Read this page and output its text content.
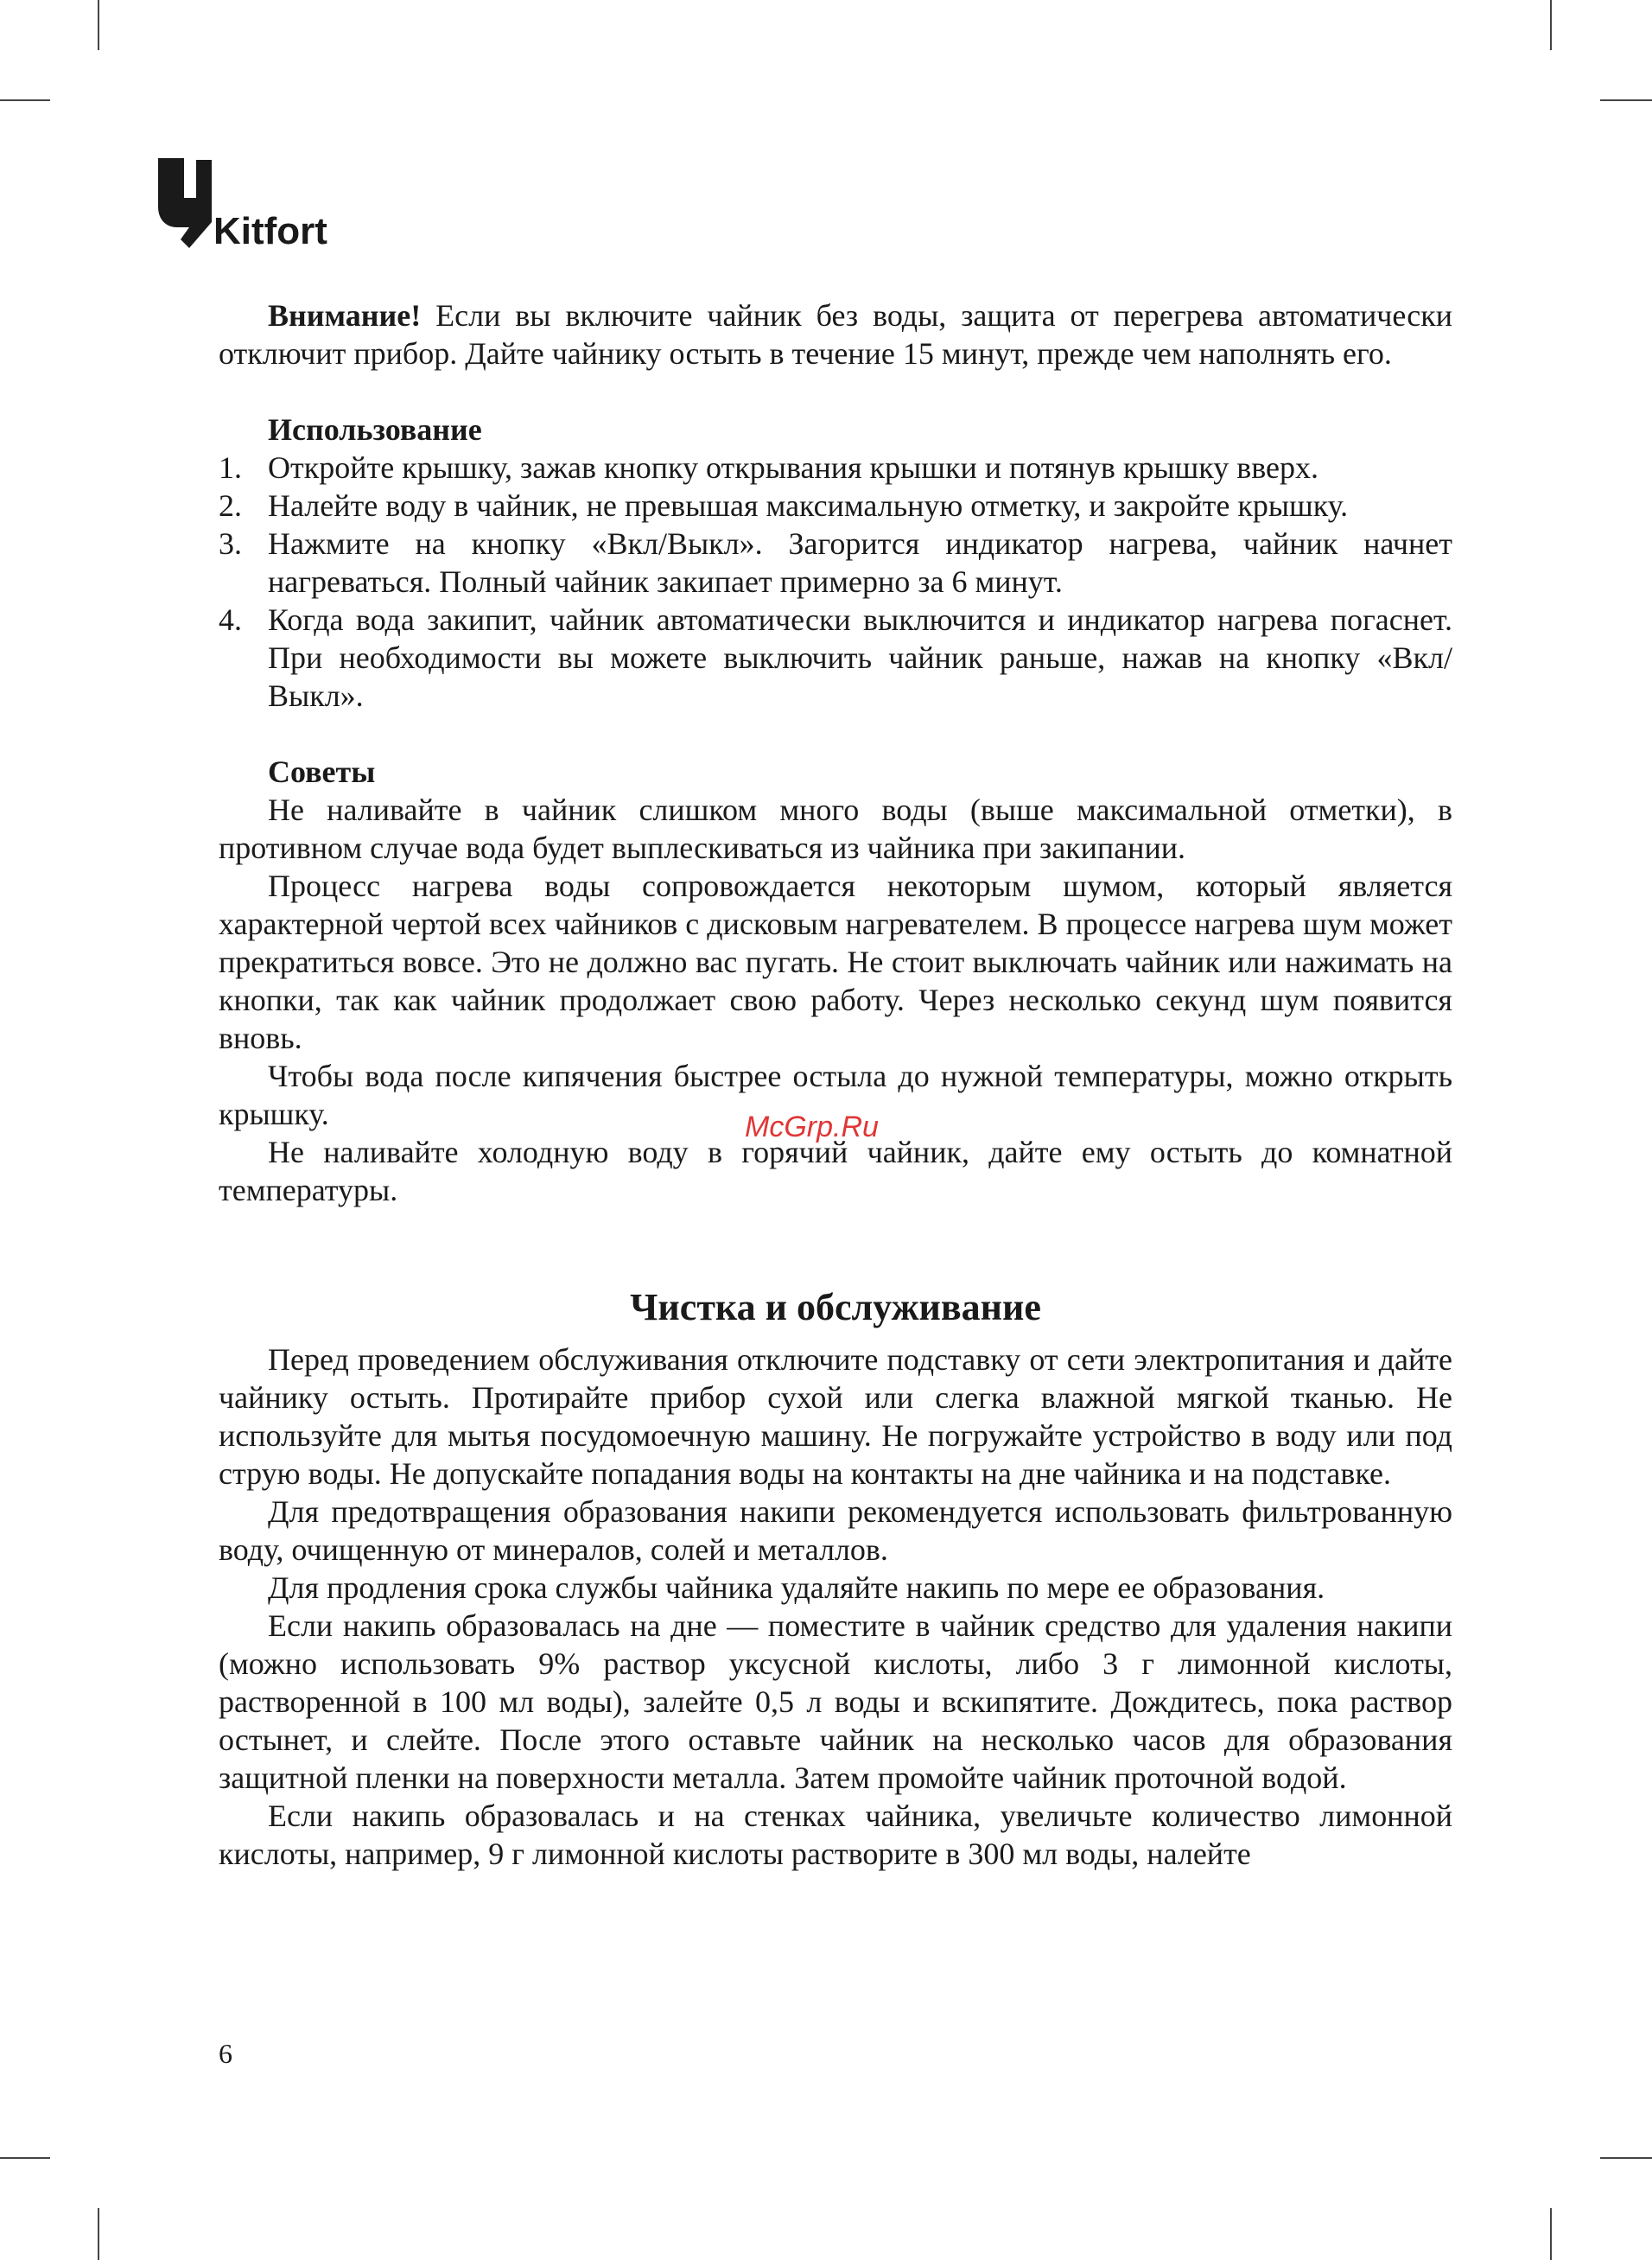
Kitfort

Внимание! Если вы включите чайник без воды, защита от перегрева автоматически отключит прибор. Дайте чайнику остыть в течение 15 минут, прежде чем наполнять его.

Использование

1. Откройте крышку, зажав кнопку открывания крышки и потянув крышку вверх.
2. Налейте воду в чайник, не превышая максимальную отметку, и закройте крышку.
3. Нажмите на кнопку «Вкл/Выкл». Загорится индикатор нагрева, чайник начнет нагреваться. Полный чайник закипает примерно за 6 минут.
4. Когда вода закипит, чайник автоматически выключится и индикатор нагрева погаснет. При необходимости вы можете выключить чайник раньше, нажав на кнопку «Вкл/Выкл».

Советы

Не наливайте в чайник слишком много воды (выше максимальной отметки), в противном случае вода будет выплескиваться из чайника при закипании.

Процесс нагрева воды сопровождается некоторым шумом, который является характерной чертой всех чайников с дисковым нагревателем. В процессе нагрева шум может прекратиться вовсе. Это не должно вас пугать. Не стоит выключать чайник или нажимать на кнопки, так как чайник продолжает свою работу. Через несколько секунд шум появится вновь.

Чтобы вода после кипячения быстрее остыла до нужной температуры, можно открыть крышку.

Не наливайте холодную воду в горячий чайник, дайте ему остыть до комнатной температуры.

Чистка и обслуживание

Перед проведением обслуживания отключите подставку от сети электропитания и дайте чайнику остыть. Протирайте прибор сухой или слегка влажной мягкой тканью. Не используйте для мытья посудомоечную машину. Не погружайте устройство в воду или под струю воды. Не допускайте попадания воды на контакты на дне чайника и на подставке.

Для предотвращения образования накипи рекомендуется использовать фильтрованную воду, очищенную от минералов, солей и металлов.

Для продления срока службы чайника удаляйте накипь по мере ее образования.

Если накипь образовалась на дне — поместите в чайник средство для удаления накипи (можно использовать 9% раствор уксусной кислоты, либо 3 г лимонной кислоты, растворенной в 100 мл воды), залейте 0,5 л воды и вскипятите. Дождитесь, пока раствор остынет, и слейте. После этого оставьте чайник на несколько часов для образования защитной пленки на поверхности металла. Затем промойте чайник проточной водой.

Если накипь образовалась и на стенках чайника, увеличьте количество лимонной кислоты, например, 9 г лимонной кислоты растворите в 300 мл воды, налейте

McGrp.Ru
6
